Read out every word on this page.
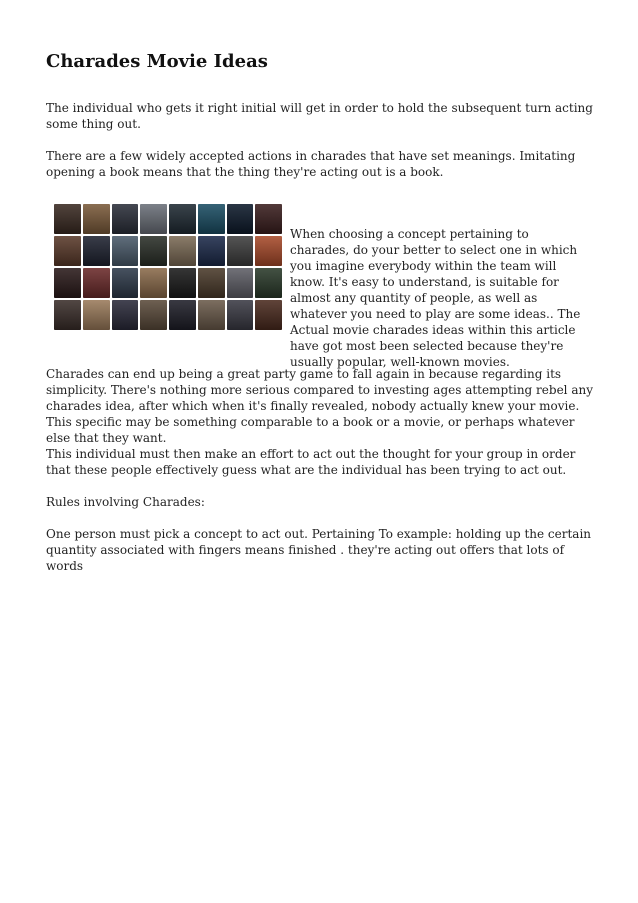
Charades Movie Ideas

The individual who gets it right initial will get in order to hold the subsequent turn acting some thing out.

There are a few widely accepted actions in charades that have set meanings. Imitating opening a book means that the thing they're acting out is a book.

When choosing a concept pertaining to charades, do your better to select one in which you imagine everybody within the team will know. It's easy to understand, is suitable for almost any quantity of people, as well as whatever you need to play are some ideas.. The Actual movie charades ideas within this article have got most been selected because they're usually popular, well-known movies.

Charades can end up being a great party game to fall again in because regarding its simplicity. There's nothing more serious compared to investing ages attempting rebel any charades idea, after which when it's finally revealed, nobody actually knew your movie. This specific may be something comparable to a book or a movie, or perhaps whatever else that they want.

This individual must then make an effort to act out the thought for your group in order that these people effectively guess what are the individual has been trying to act out.

Rules involving Charades:

One person must pick a concept to act out. Pertaining To example: holding up the certain quantity associated with fingers means finished . they're acting out offers that lots of words
